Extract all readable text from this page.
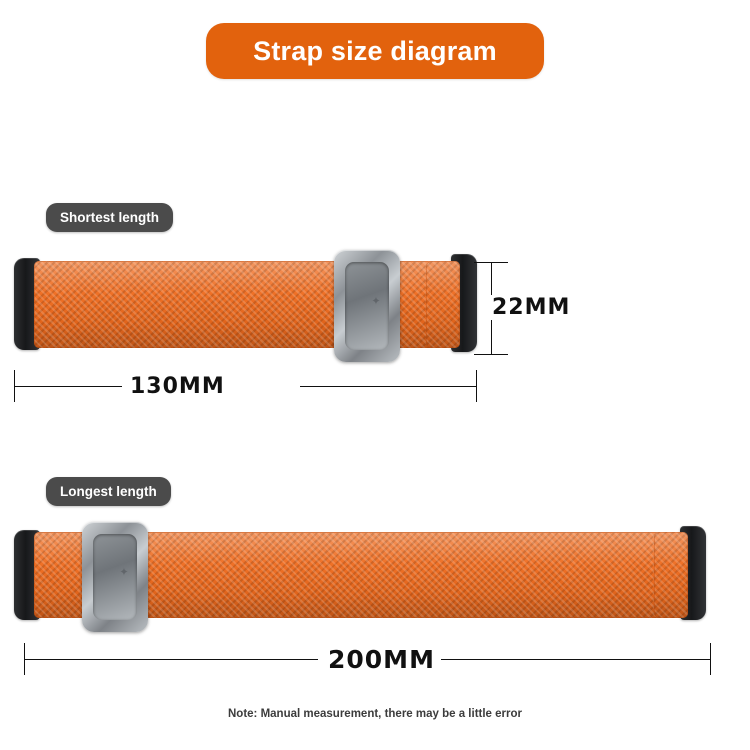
Strap size diagram
Shortest length
✦	22MM
130MM
Longest length
✦
200MM
Note: Manual measurement, there may be a little error
